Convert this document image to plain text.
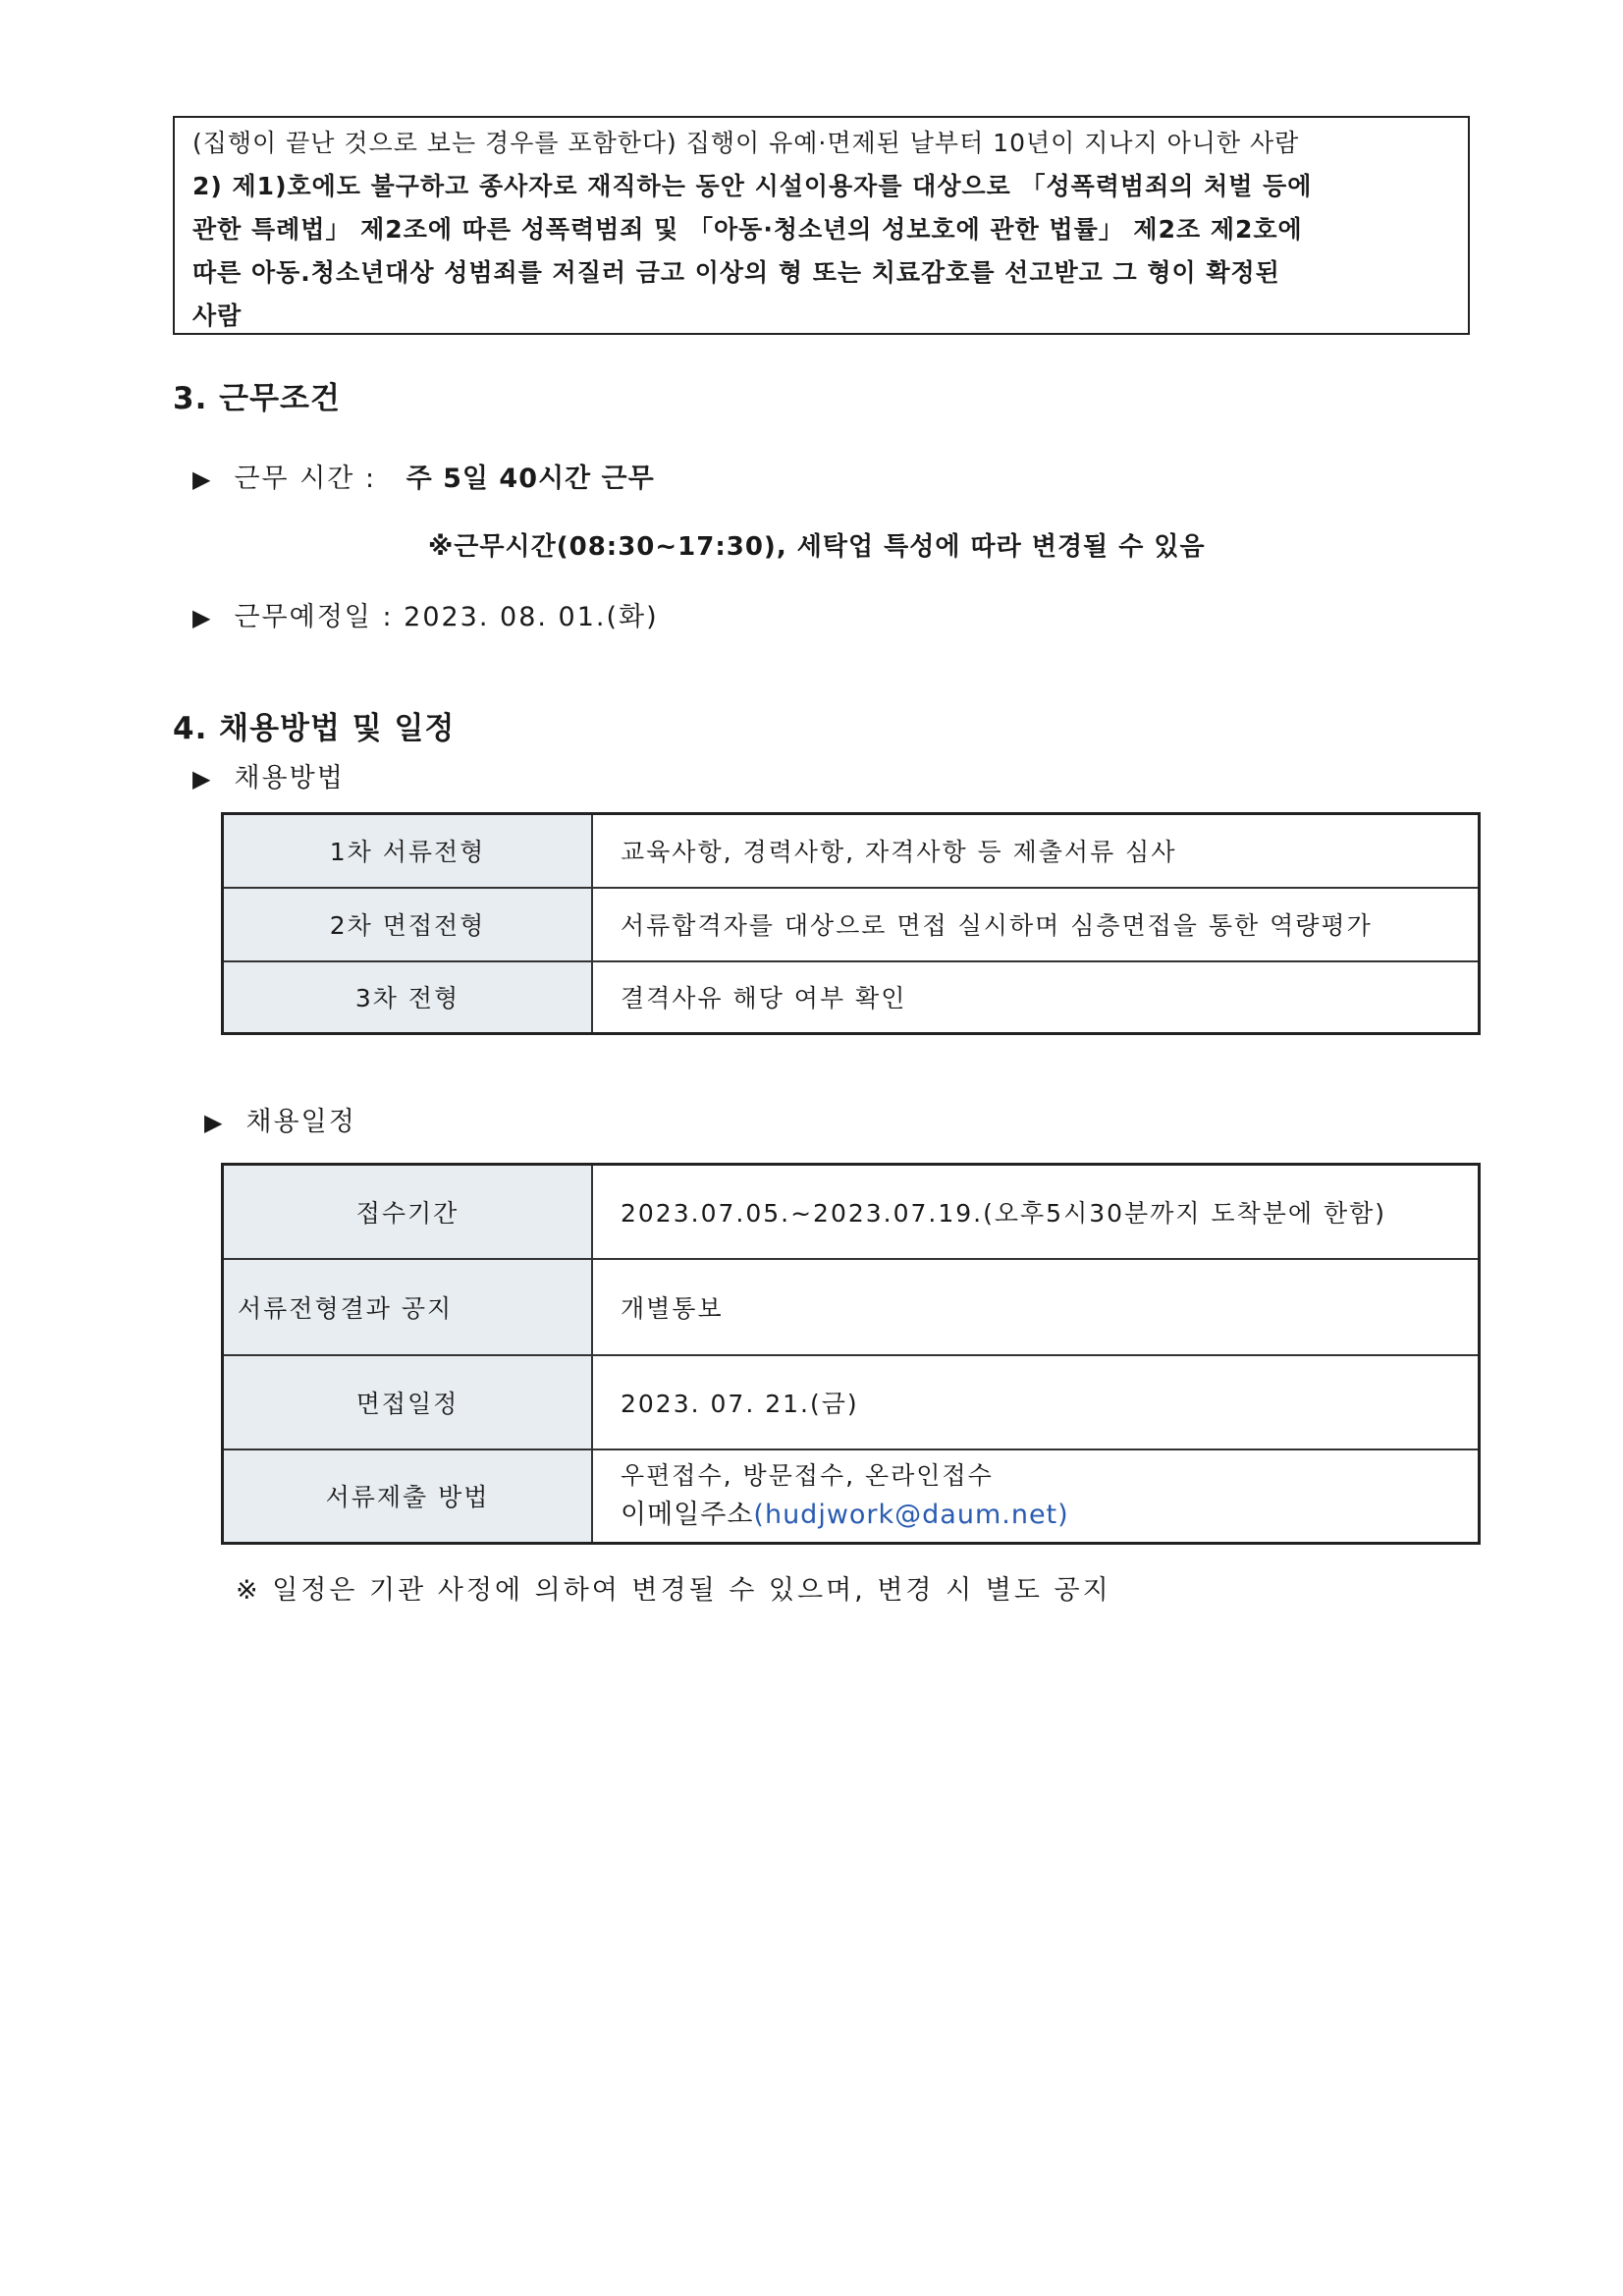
(집행이 끝난 것으로 보는 경우를 포함한다) 집행이 유예·면제된 날부터 10년이 지나지 아니한 사람
2) 제1)호에도 불구하고 종사자로 재직하는 동안 시설이용자를 대상으로 「성폭력범죄의 처벌 등에
관한 특례법」 제2조에 따른 성폭력범죄 및 「아동·청소년의 성보호에 관한 법률」 제2조 제2호에
따른 아동.청소년대상 성범죄를 저질러 금고 이상의 형 또는 치료감호를 선고받고 그 형이 확정된
사람
3. 근무조건
▶ 근무 시간 : 주 5일 40시간 근무
※근무시간(08:30~17:30), 세탁업 특성에 따라 변경될 수 있음
▶ 근무예정일 : 2023. 08. 01.(화)
4. 채용방법 및 일정
▶ 채용방법
1차 서류전형	교육사항, 경력사항, 자격사항 등 제출서류 심사
2차 면접전형	서류합격자를 대상으로 면접 실시하며 심층면접을 통한 역량평가
3차 전형	결격사유 해당 여부 확인
▶ 채용일정
접수기간	2023.07.05.~2023.07.19.(오후5시30분까지 도착분에 한함)
서류전형결과 공지	개별통보
면접일정	2023. 07. 21.(금)
서류제출 방법	우편접수, 방문접수, 온라인접수
이메일주소(hudjwork@daum.net)
※ 일정은 기관 사정에 의하여 변경될 수 있으며, 변경 시 별도 공지
